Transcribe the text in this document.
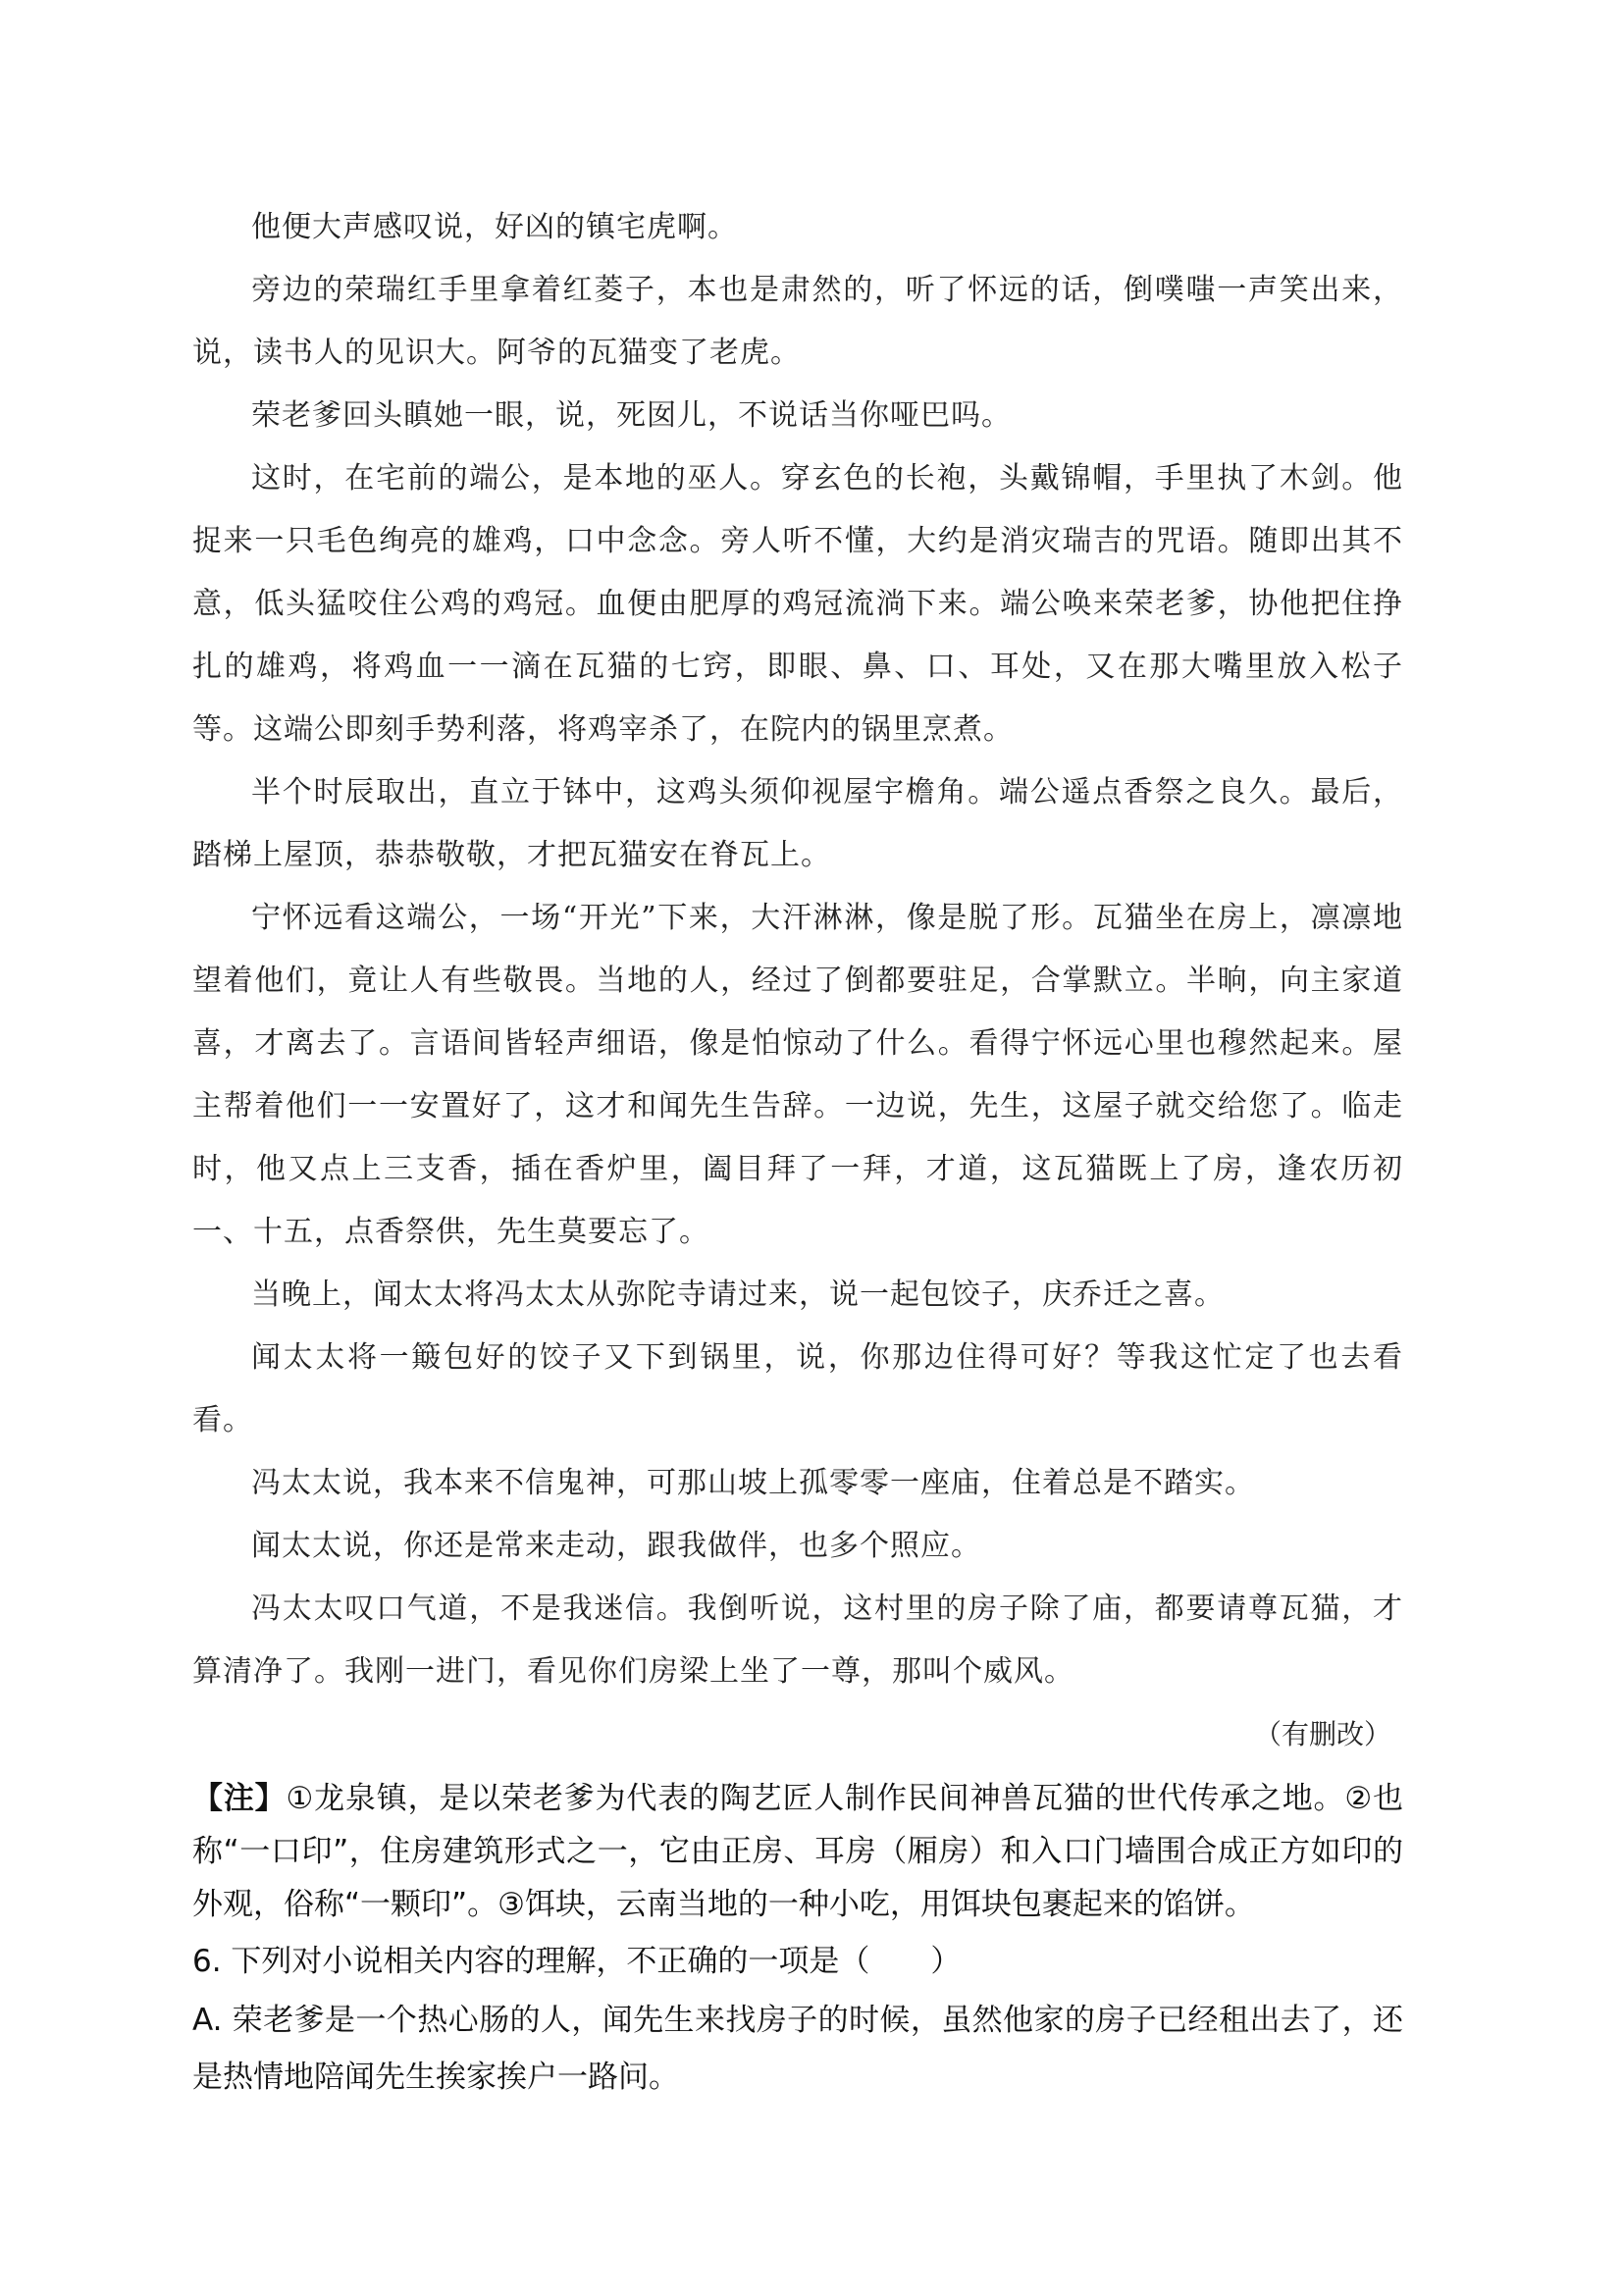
他便大声感叹说，好凶的镇宅虎啊。

旁边的荣瑞红手里拿着红菱子，本也是肃然的，听了怀远的话，倒噗嗤一声笑出来，说，读书人的见识大。阿爷的瓦猫变了老虎。

荣老爹回头瞋她一眼，说，死囡儿，不说话当你哑巴吗。

这时，在宅前的端公，是本地的巫人。穿玄色的长袍，头戴锦帽，手里执了木剑。他捉来一只毛色绚亮的雄鸡，口中念念。旁人听不懂，大约是消灾瑞吉的咒语。随即出其不意，低头猛咬住公鸡的鸡冠。血便由肥厚的鸡冠流淌下来。端公唤来荣老爹，协他把住挣扎的雄鸡，将鸡血一一滴在瓦猫的七窍，即眼、鼻、口、耳处，又在那大嘴里放入松子等。这端公即刻手势利落，将鸡宰杀了，在院内的锅里烹煮。

半个时辰取出，直立于钵中，这鸡头须仰视屋宇檐角。端公遥点香祭之良久。最后，踏梯上屋顶，恭恭敬敬，才把瓦猫安在脊瓦上。

宁怀远看这端公，一场“开光”下来，大汗淋淋，像是脱了形。瓦猫坐在房上，凛凛地望着他们，竟让人有些敬畏。当地的人，经过了倒都要驻足，合掌默立。半晌，向主家道喜，才离去了。言语间皆轻声细语，像是怕惊动了什么。看得宁怀远心里也穆然起来。屋主帮着他们一一安置好了，这才和闻先生告辞。一边说，先生，这屋子就交给您了。临走时，他又点上三支香，插在香炉里，阖目拜了一拜，才道，这瓦猫既上了房，逢农历初一、十五，点香祭供，先生莫要忘了。

当晚上，闻太太将冯太太从弥陀寺请过来，说一起包饺子，庆乔迁之喜。

闻太太将一簸包好的饺子又下到锅里，说，你那边住得可好？等我这忙定了也去看看。

冯太太说，我本来不信鬼神，可那山坡上孤零零一座庙，住着总是不踏实。

闻太太说，你还是常来走动，跟我做伴，也多个照应。

冯太太叹口气道，不是我迷信。我倒听说，这村里的房子除了庙，都要请尊瓦猫，才算清净了。我刚一进门，看见你们房梁上坐了一尊，那叫个威风。

（有删改）

【注】①龙泉镇，是以荣老爹为代表的陶艺匠人制作民间神兽瓦猫的世代传承之地。②也称“一口印”，住房建筑形式之一，它由正房、耳房（厢房）和入口门墙围合成正方如印的外观，俗称“一颗印”。③饵块，云南当地的一种小吃，用饵块包裹起来的馅饼。

6. 下列对小说相关内容的理解，不正确的一项是（　　）

A. 荣老爹是一个热心肠的人，闻先生来找房子的时候，虽然他家的房子已经租出去了，还是热情地陪闻先生挨家挨户一路问。
